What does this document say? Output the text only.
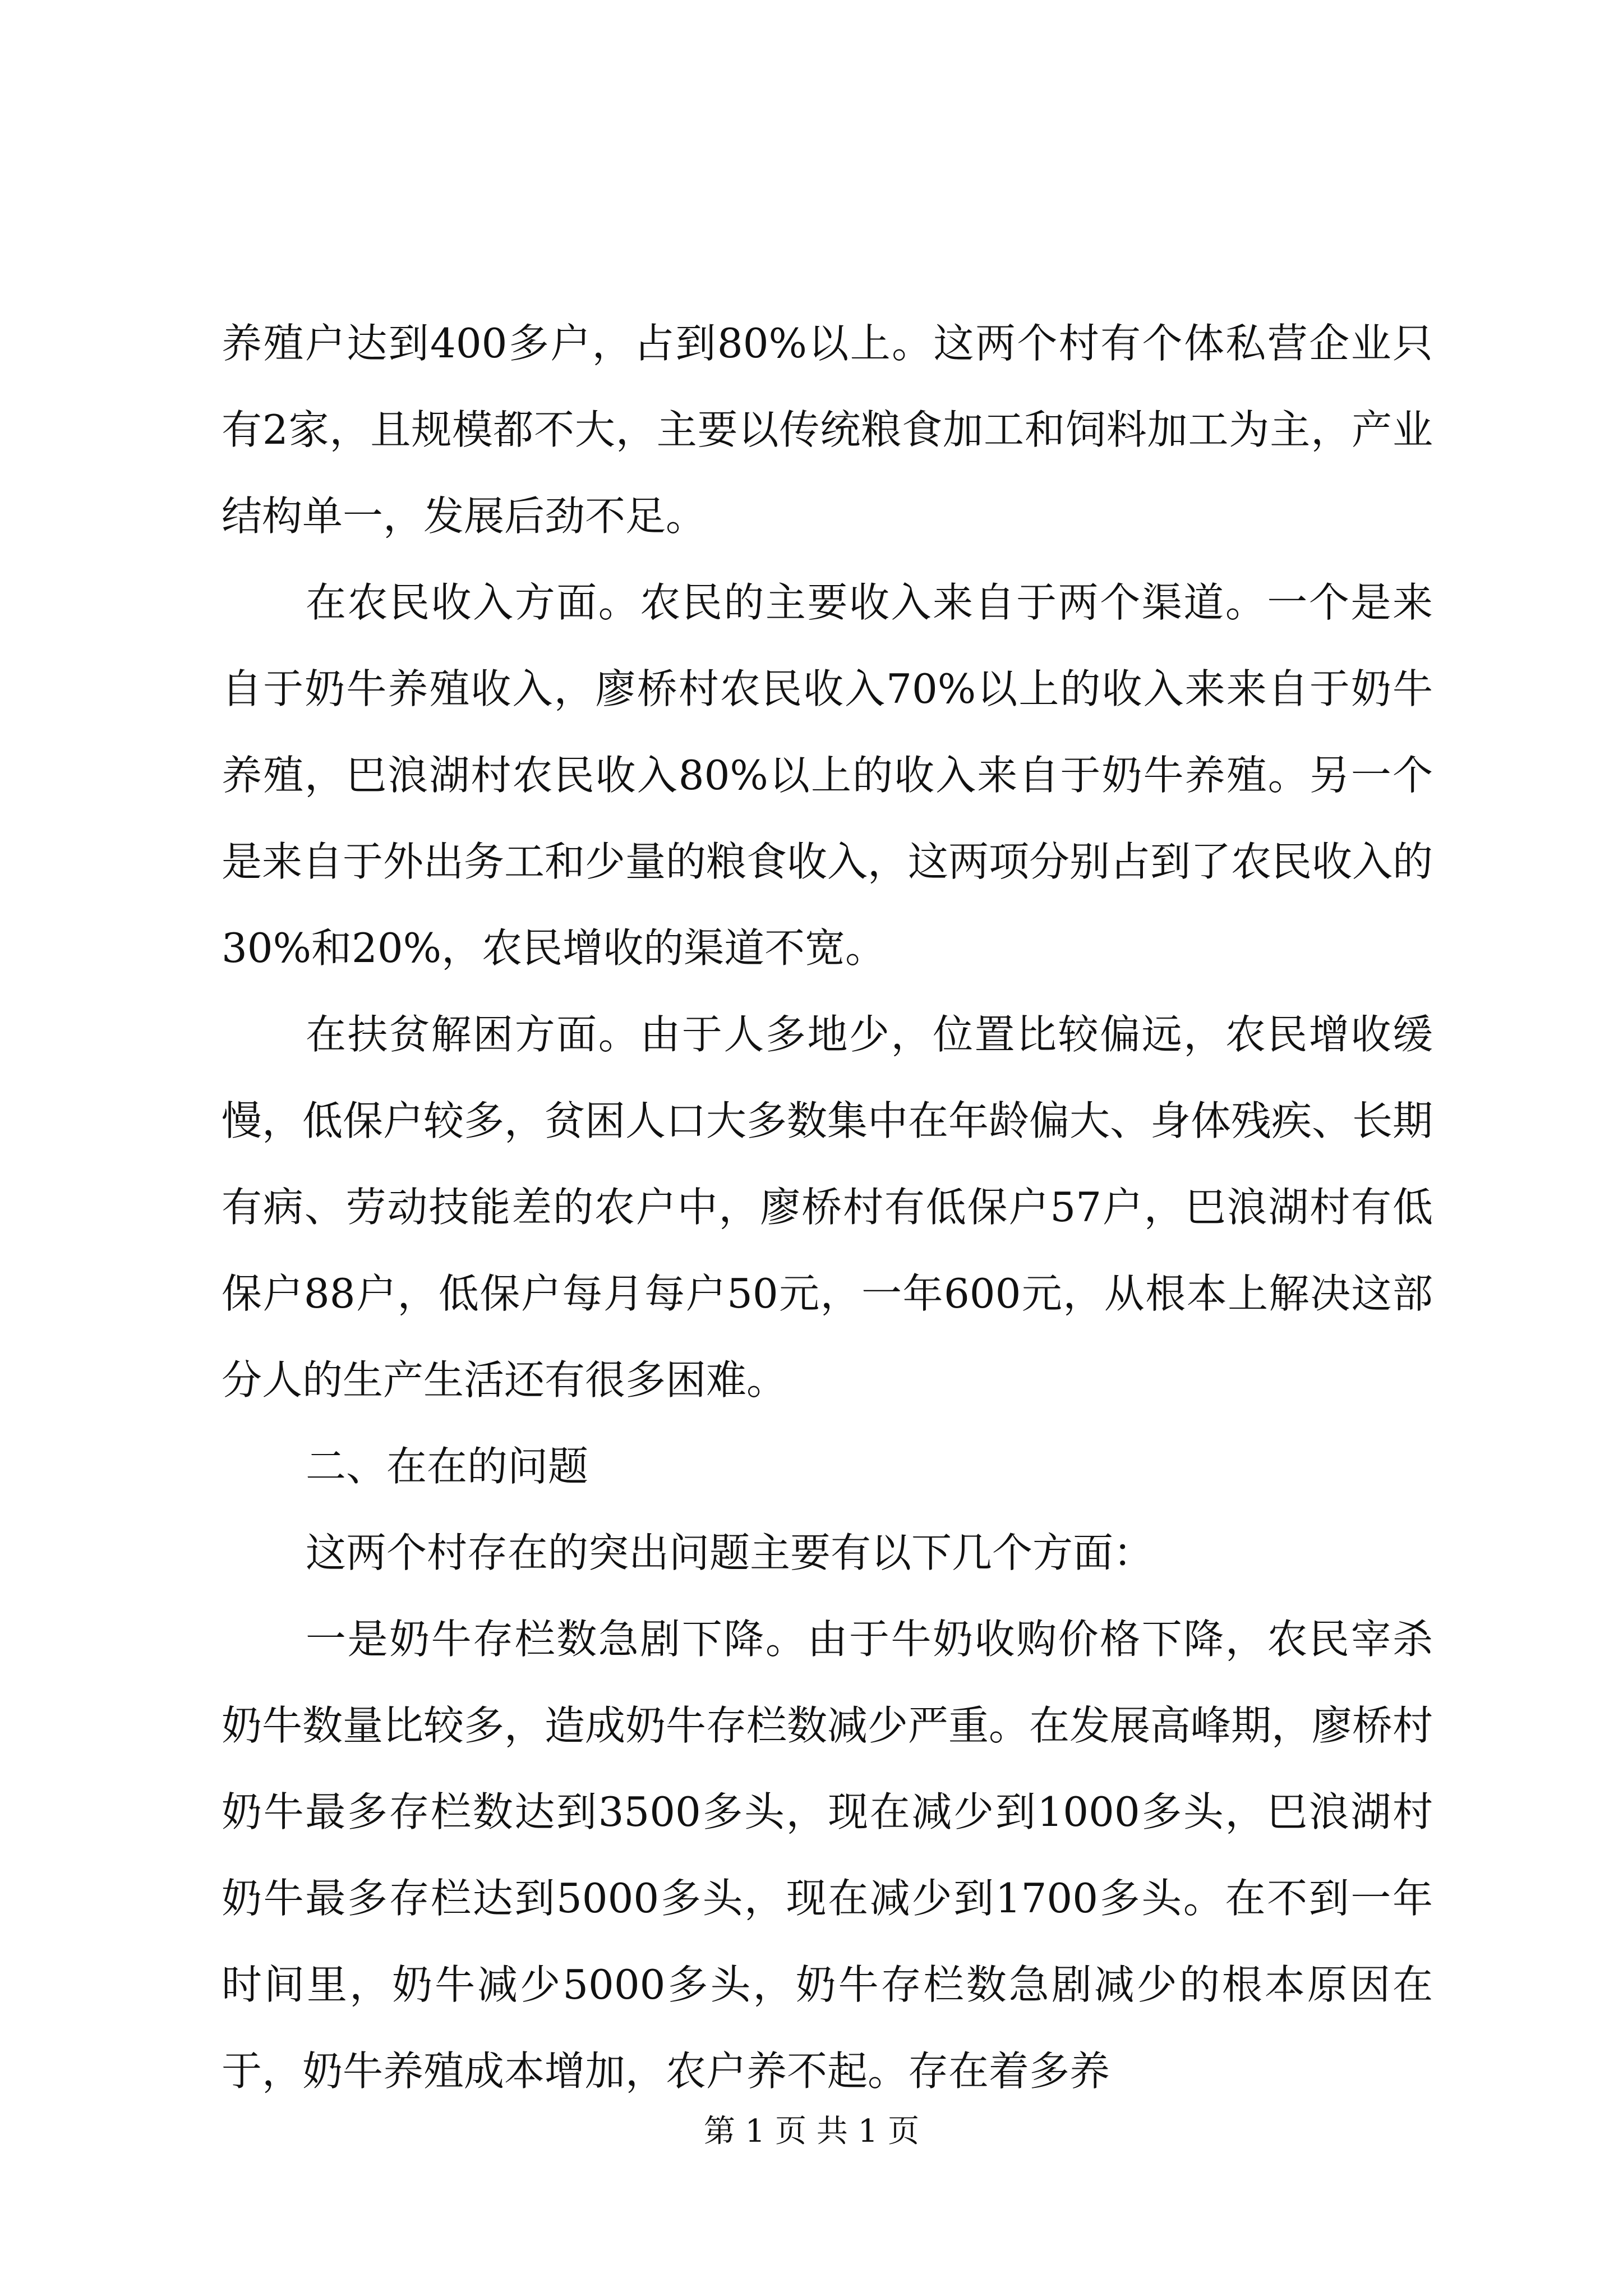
养殖户达到400多户，占到80%以上。这两个村有个体私营企业只有2家，且规模都不大，主要以传统粮食加工和饲料加工为主，产业结构单一，发展后劲不足。

在农民收入方面。农民的主要收入来自于两个渠道。一个是来自于奶牛养殖收入，廖桥村农民收入70%以上的收入来来自于奶牛养殖，巴浪湖村农民收入80%以上的收入来自于奶牛养殖。另一个是来自于外出务工和少量的粮食收入，这两项分别占到了农民收入的30%和20%，农民增收的渠道不宽。

在扶贫解困方面。由于人多地少，位置比较偏远，农民增收缓慢，低保户较多，贫困人口大多数集中在年龄偏大、身体残疾、长期有病、劳动技能差的农户中，廖桥村有低保户57户，巴浪湖村有低保户88户，低保户每月每户50元，一年600元，从根本上解决这部分人的生产生活还有很多困难。

二、在在的问题

这两个村存在的突出问题主要有以下几个方面：

一是奶牛存栏数急剧下降。由于牛奶收购价格下降，农民宰杀奶牛数量比较多，造成奶牛存栏数减少严重。在发展高峰期，廖桥村奶牛最多存栏数达到3500多头，现在减少到1000多头，巴浪湖村奶牛最多存栏达到5000多头，现在减少到1700多头。在不到一年时间里，奶牛减少5000多头，奶牛存栏数急剧减少的根本原因在于，奶牛养殖成本增加，农户养不起。存在着多养

第 1 页 共 1 页
